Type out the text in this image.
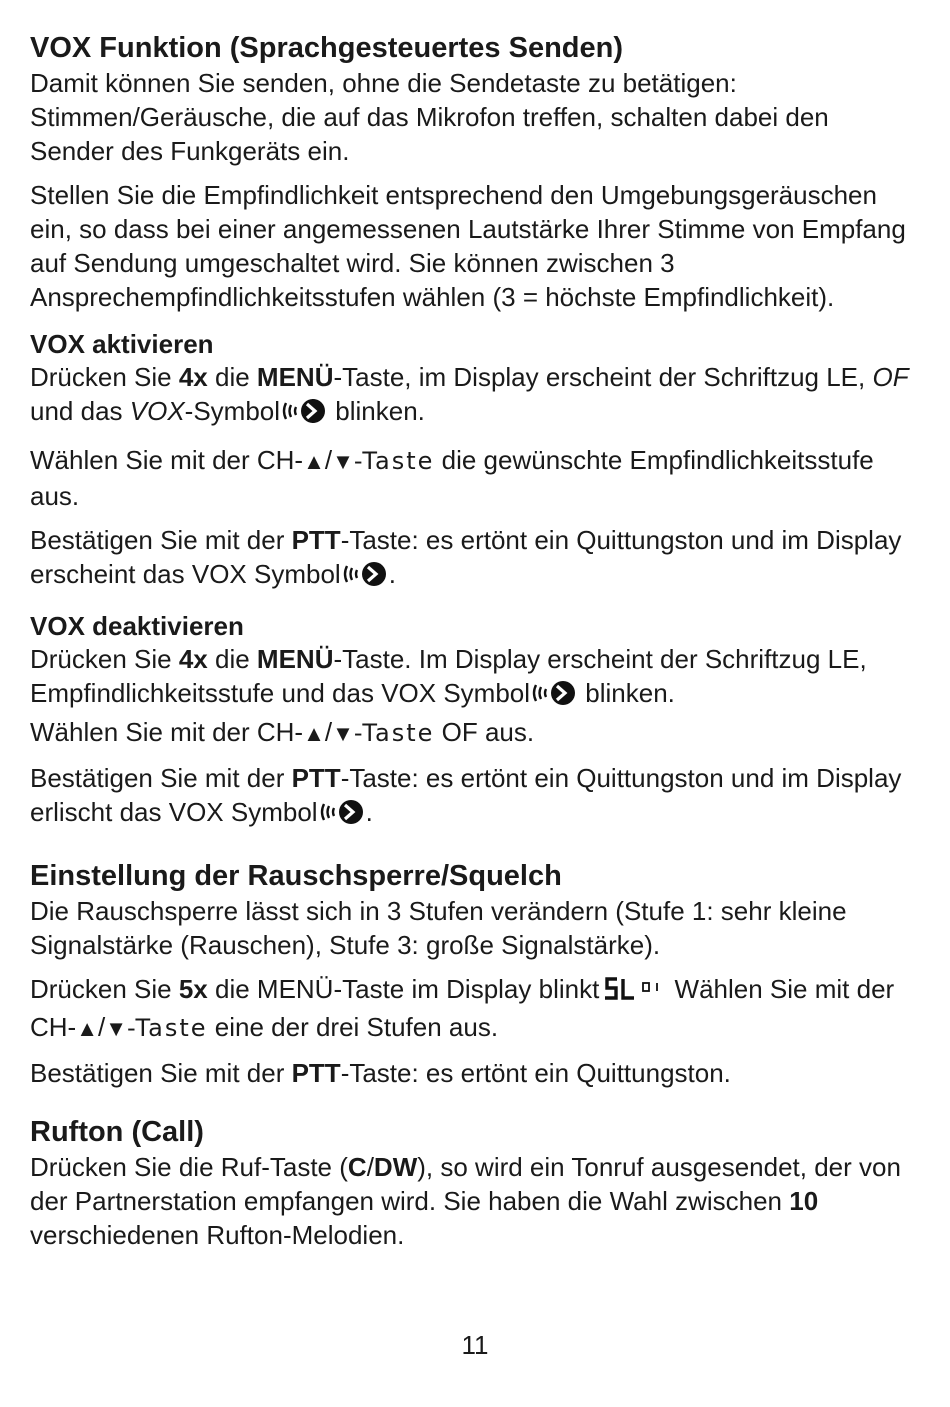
VOX Funktion (Sprachgesteuertes Senden)

Damit können Sie senden, ohne die Sendetaste zu betätigen: Stimmen/Geräusche, die auf das Mikrofon treffen, schalten dabei den Sender des Funkgeräts ein.

Stellen Sie die Empfindlichkeit entsprechend den Umgebungsgeräuschen ein, so dass bei einer angemessenen Lautstärke Ihrer Stimme von Empfang auf Sendung umgeschaltet wird. Sie können zwischen 3 Ansprechempfindlichkeitsstufen wählen (3 = höchste Empfindlichkeit).

VOX aktivieren

Drücken Sie 4x die MENÜ-Taste, im Display erscheint der Schriftzug LE, OF und das VOX-Symbol blinken.

Wählen Sie mit der CH-▲/▼-Taste die gewünschte Empfindlichkeitsstufe aus.

Bestätigen Sie mit der PTT-Taste: es ertönt ein Quittungston und im Display erscheint das VOX Symbol .

VOX deaktivieren

Drücken Sie 4x die MENÜ-Taste. Im Display erscheint der Schriftzug LE, Empfindlichkeitsstufe und das VOX Symbol blinken.

Wählen Sie mit der CH-▲/▼-Taste OF aus.

Bestätigen Sie mit der PTT-Taste: es ertönt ein Quittungston und im Display erlischt das VOX Symbol .

Einstellung der Rauschsperre/Squelch

Die Rauschsperre lässt sich in 3 Stufen verändern (Stufe 1: sehr kleine Signalstärke (Rauschen), Stufe 3: große Signalstärke).

Drücken Sie 5x die MENÜ-Taste im Display blinkt	Wählen Sie mit der CH-▲/▼-Taste eine der drei Stufen aus.

Bestätigen Sie mit der PTT-Taste: es ertönt ein Quittungston.

Rufton (Call)

Drücken Sie die Ruf-Taste (C/DW), so wird ein Tonruf ausgesendet, der von der Partnerstation empfangen wird. Sie haben die Wahl zwischen 10 verschiedenen Rufton-Melodien.

11
